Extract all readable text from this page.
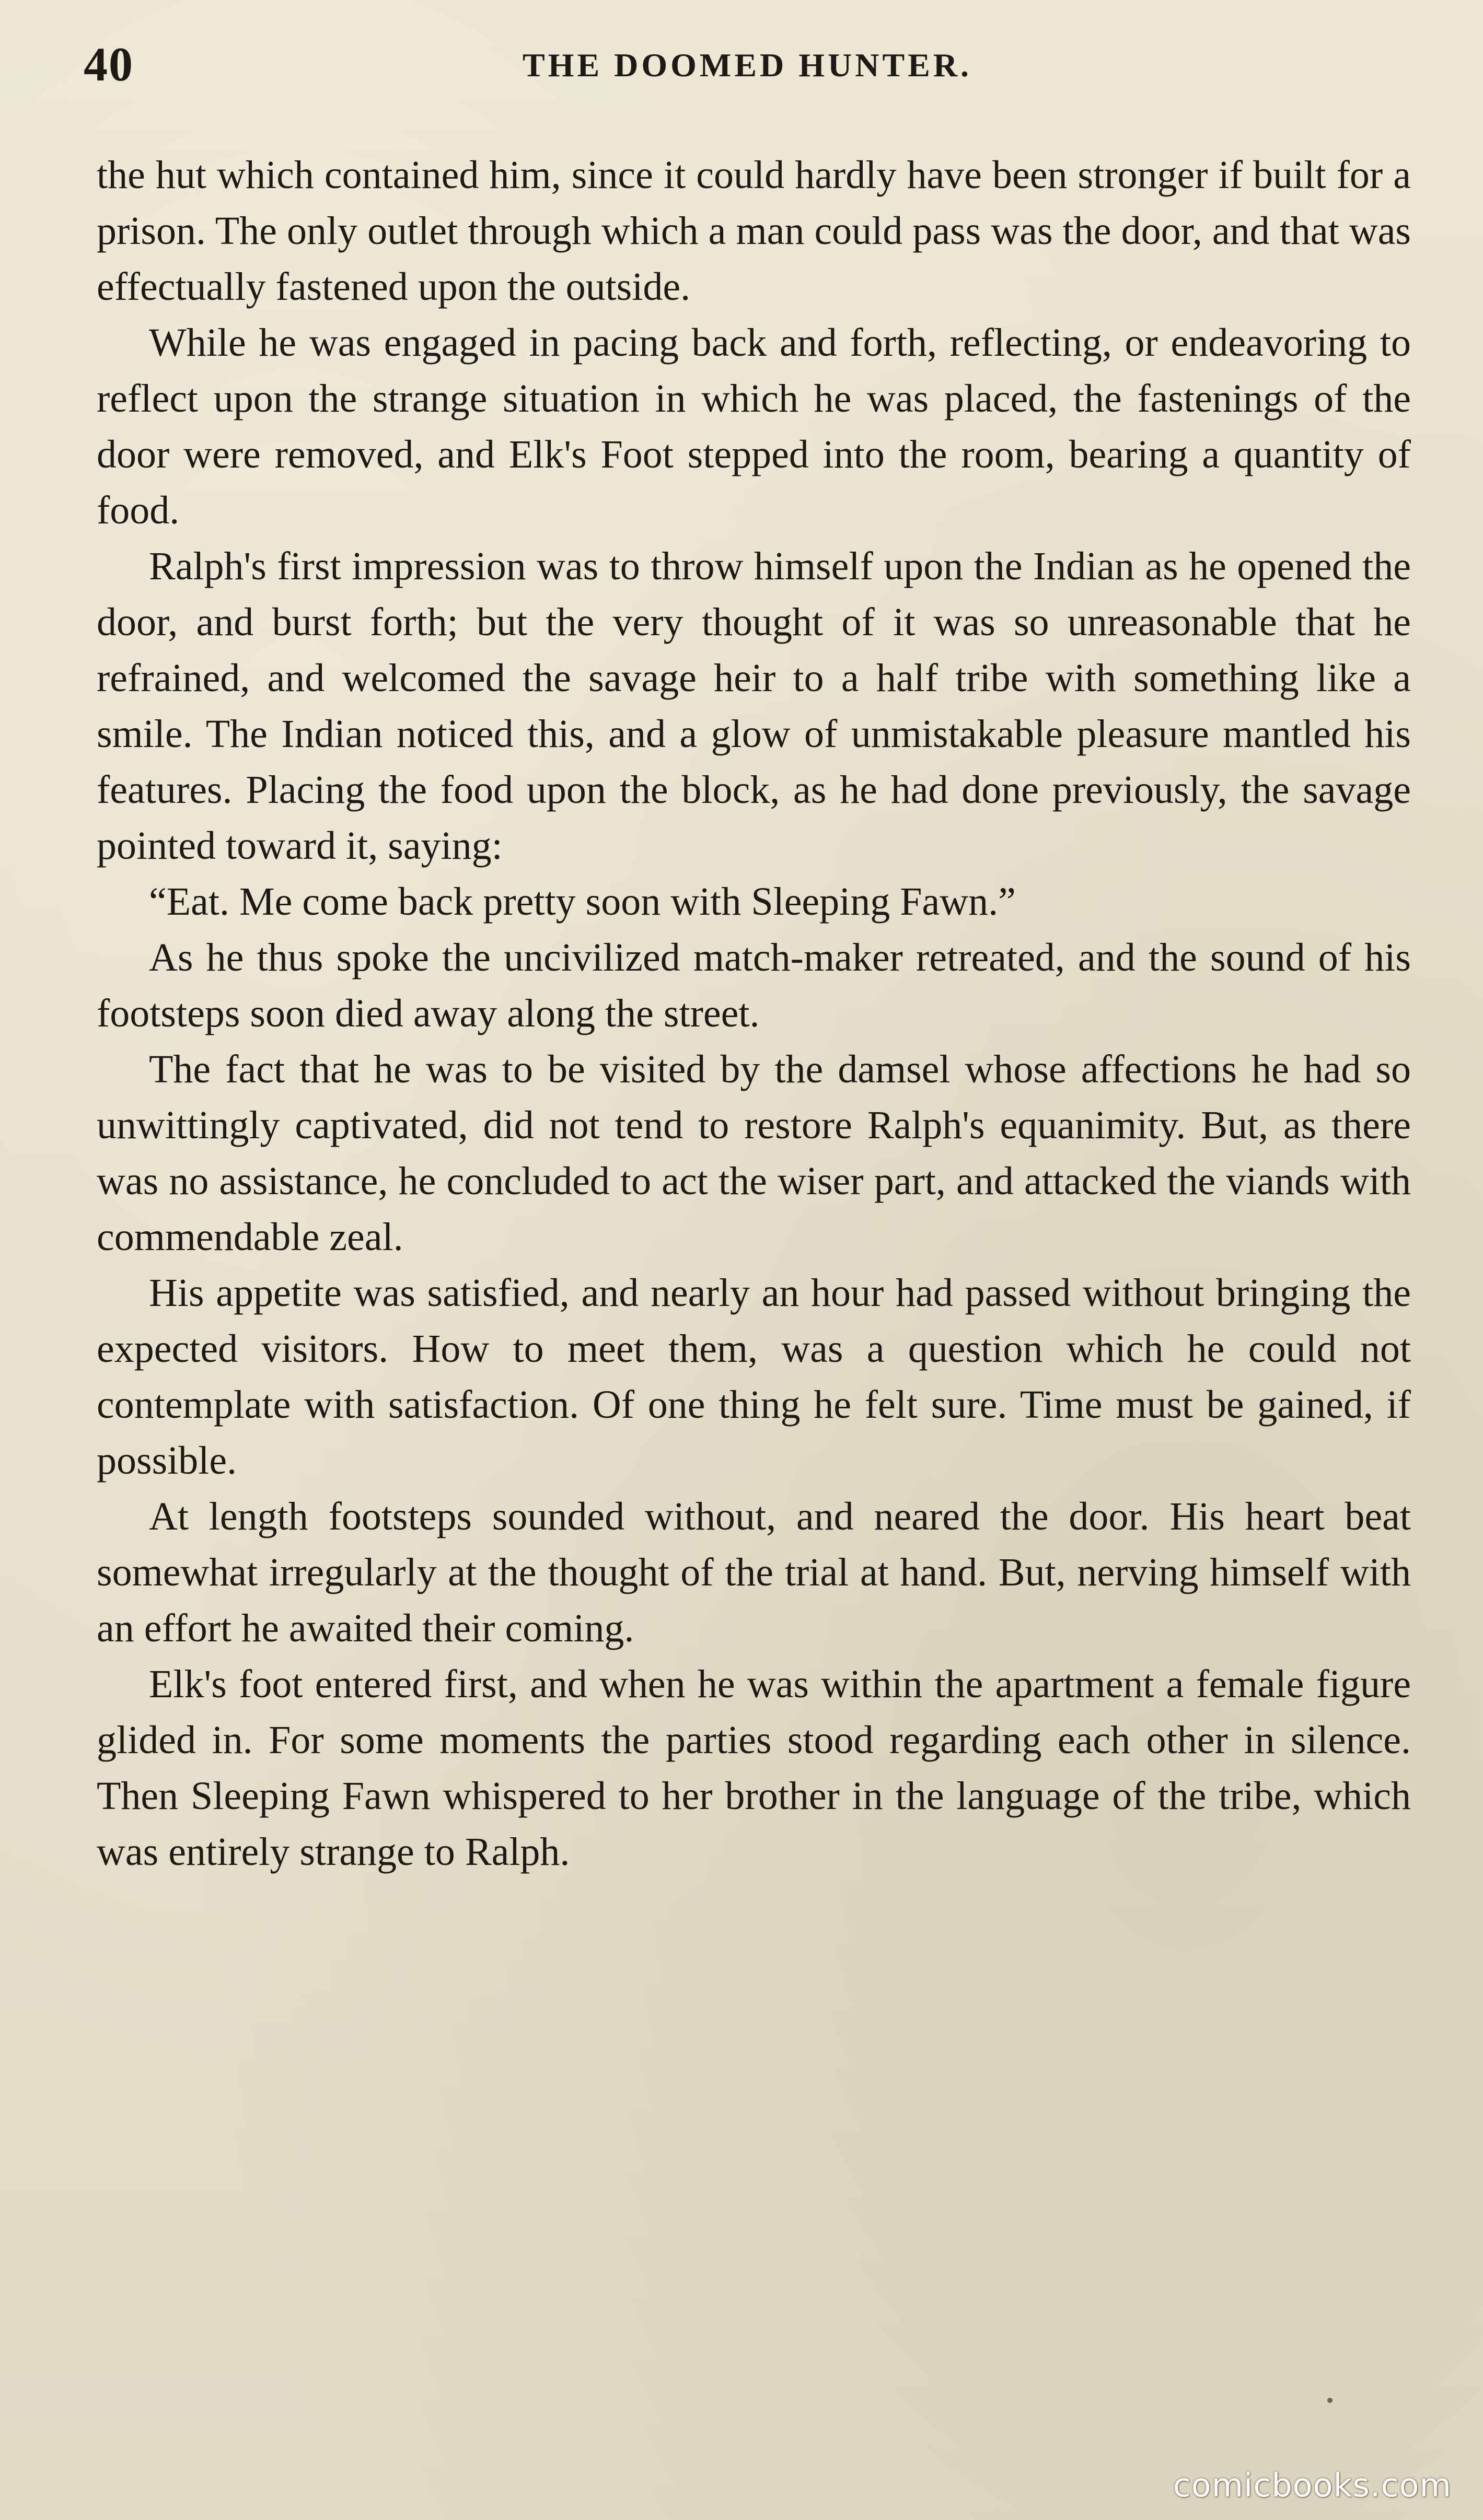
40	THE DOOMED HUNTER.

the hut which contained him, since it could hardly have been stronger if built for a prison. The only outlet through which a man could pass was the door, and that was effectually fastened upon the outside.

While he was engaged in pacing back and forth, reflecting, or endeavoring to reflect upon the strange situation in which he was placed, the fastenings of the door were removed, and Elk's Foot stepped into the room, bearing a quantity of food.

Ralph's first impression was to throw himself upon the Indian as he opened the door, and burst forth; but the very thought of it was so unreasonable that he refrained, and welcomed the savage heir to a half tribe with something like a smile. The Indian noticed this, and a glow of unmistakable pleasure mantled his features. Placing the food upon the block, as he had done previously, the savage pointed toward it, saying:

“Eat. Me come back pretty soon with Sleeping Fawn.”

As he thus spoke the uncivilized match-maker retreated, and the sound of his footsteps soon died away along the street.

The fact that he was to be visited by the damsel whose affections he had so unwittingly captivated, did not tend to restore Ralph's equanimity. But, as there was no assistance, he concluded to act the wiser part, and attacked the viands with commendable zeal.

His appetite was satisfied, and nearly an hour had passed without bringing the expected visitors. How to meet them, was a question which he could not contemplate with satisfaction. Of one thing he felt sure. Time must be gained, if possible.

At length footsteps sounded without, and neared the door. His heart beat somewhat irregularly at the thought of the trial at hand. But, nerving himself with an effort he awaited their coming.

Elk's foot entered first, and when he was within the apartment a female figure glided in. For some moments the parties stood regarding each other in silence. Then Sleeping Fawn whispered to her brother in the language of the tribe, which was entirely strange to Ralph.

comicbooks.com
